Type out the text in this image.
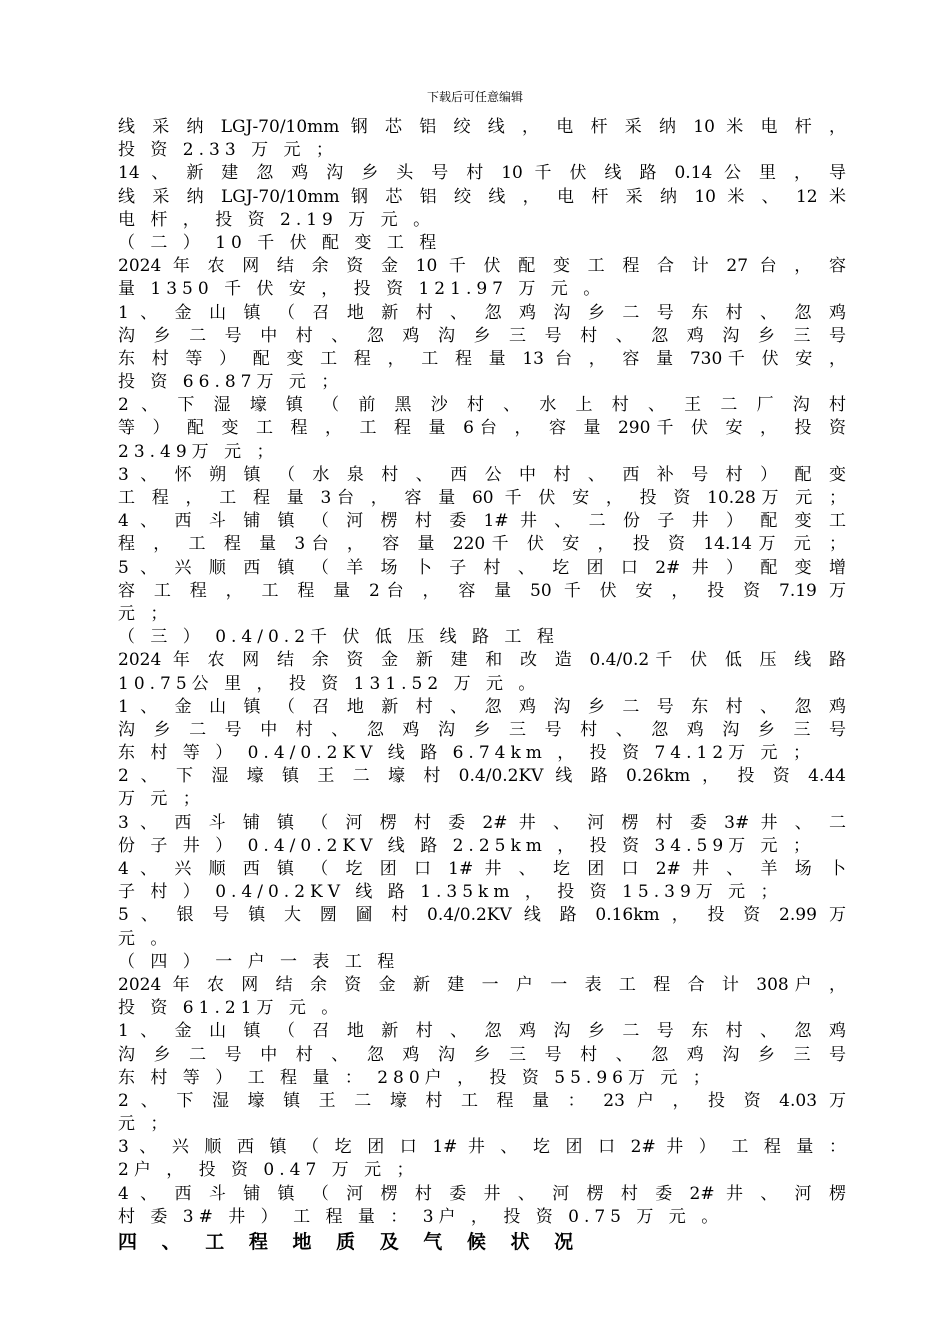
下载后可任意编辑
线 采 纳 LGJ-70/10mm 钢 芯 铝 绞 线 ， 电 杆 采 纳 10 米 电 杆 ，
投 资 2.33 万 元 ；
14 、 新 建 忽 鸡 沟 乡 头 号 村 10 千 伏 线 路 0.14 公 里 ， 导
线 采 纳 LGJ-70/10mm 钢 芯 铝 绞 线 ， 电 杆 采 纳 10 米 、 12 米
电 杆 ， 投 资 2.19 万 元 。
（ 二 ） 10 千 伏 配 变 工 程
2024 年 农 网 结 余 资 金 10 千 伏 配 变 工 程 合 计 27 台 ， 容
量 1350 千 伏 安 ， 投 资 121.97 万 元 。
1 、 金 山 镇 （ 召 地 新 村 、 忽 鸡 沟 乡 二 号 东 村 、 忽 鸡
沟 乡 二 号 中 村 、 忽 鸡 沟 乡 三 号 村 、 忽 鸡 沟 乡 三 号
东 村 等 ） 配 变 工 程 ， 工 程 量 13 台 ， 容 量 730千 伏 安 ，
投 资 66.87万 元 ；
2 、 下 湿 壕 镇 （ 前 黑 沙 村 、 水 上 村 、 王 二 厂 沟 村
等 ） 配 变 工 程 ， 工 程 量 6台 ， 容 量 290千 伏 安 ， 投 资
23.49万 元 ；
3 、 怀 朔 镇 （ 水 泉 村 、 西 公 中 村 、 西 补 号 村 ） 配 变
工 程 ， 工 程 量 3台 ， 容 量 60 千 伏 安 ， 投 资 10.28万 元 ；
4 、 西 斗 铺 镇 （ 河 楞 村 委 1# 井 、 二 份 子 井 ） 配 变 工
程 ， 工 程 量 3台 ， 容 量 220千 伏 安 ， 投 资 14.14万 元 ；
5 、 兴 顺 西 镇 （ 羊 场 卜 子 村 、 圪 团 口 2# 井 ） 配 变 增
容 工 程 ， 工 程 量 2台 ， 容 量 50 千 伏 安 ， 投 资 7.19 万
元 ；
（ 三 ） 0.4/0.2千 伏 低 压 线 路 工 程
2024 年 农 网 结 余 资 金 新 建 和 改 造 0.4/0.2千 伏 低 压 线 路
10.75公 里 ， 投 资 131.52 万 元 。
1 、 金 山 镇 （ 召 地 新 村 、 忽 鸡 沟 乡 二 号 东 村 、 忽 鸡
沟 乡 二 号 中 村 、 忽 鸡 沟 乡 三 号 村 、 忽 鸡 沟 乡 三 号
东 村 等 ） 0.4/0.2KV 线 路 6.74km ， 投 资 74.12万 元 ；
2 、 下 湿 壕 镇 王 二 壕 村 0.4/0.2KV 线 路 0.26km ， 投 资 4.44
万 元 ；
3 、 西 斗 铺 镇 （ 河 楞 村 委 2# 井 、 河 楞 村 委 3# 井 、 二
份 子 井 ） 0.4/0.2KV 线 路 2.25km ， 投 资 34.59万 元 ；
4 、 兴 顺 西 镇 （ 圪 团 口 1# 井 、 圪 团 口 2# 井 、 羊 场 卜
子 村 ） 0.4/0.2KV 线 路 1.35km ， 投 资 15.39万 元 ；
5 、 银 号 镇 大 圐 圙 村 0.4/0.2KV 线 路 0.16km ， 投 资 2.99 万
元 。
（ 四 ） 一 户 一 表 工 程
2024 年 农 网 结 余 资 金 新 建 一 户 一 表 工 程 合 计 308户 ，
投 资 61.21万 元 。
1 、 金 山 镇 （ 召 地 新 村 、 忽 鸡 沟 乡 二 号 东 村 、 忽 鸡
沟 乡 二 号 中 村 、 忽 鸡 沟 乡 三 号 村 、 忽 鸡 沟 乡 三 号
东 村 等 ） 工 程 量 ： 280户 ， 投 资 55.96万 元 ；
2 、 下 湿 壕 镇 王 二 壕 村 工 程 量 ： 23 户 ， 投 资 4.03 万
元 ；
3 、 兴 顺 西 镇 （ 圪 团 口 1# 井 、 圪 团 口 2# 井 ） 工 程 量 ：
2户 ， 投 资 0.47 万 元 ；
4 、 西 斗 铺 镇 （ 河 楞 村 委 井 、 河 楞 村 委 2# 井 、 河 楞
村 委 3# 井 ） 工 程 量 ： 3户 ， 投 资 0.75 万 元 。
四 、 工 程 地 质 及 气 候 状 况
